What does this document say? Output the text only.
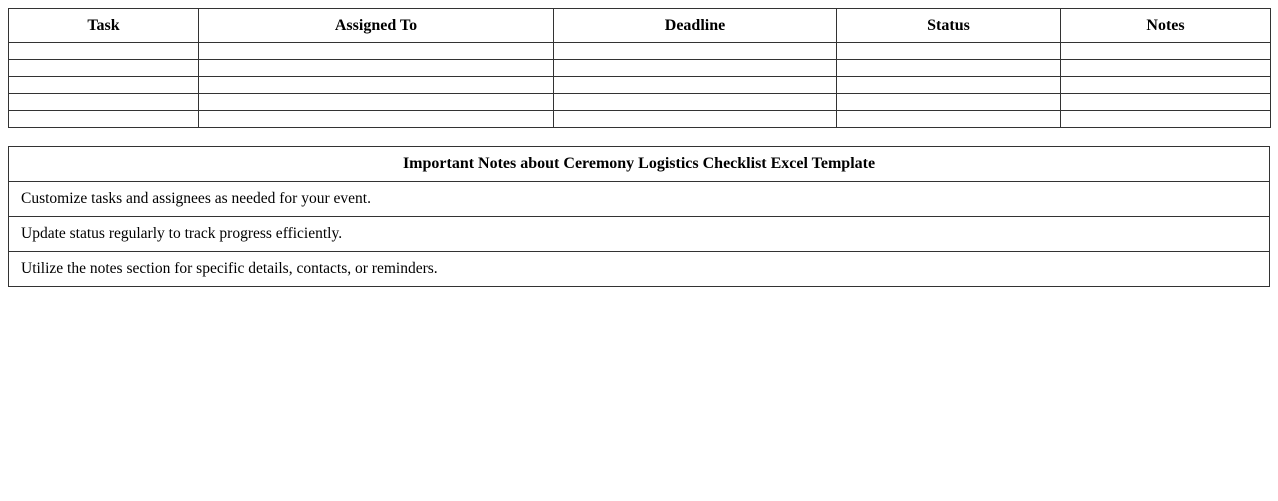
Task	Assigned To	Deadline	Status	Notes

Important Notes about Ceremony Logistics Checklist Excel Template
Customize tasks and assignees as needed for your event.
Update status regularly to track progress efficiently.
Utilize the notes section for specific details, contacts, or reminders.
